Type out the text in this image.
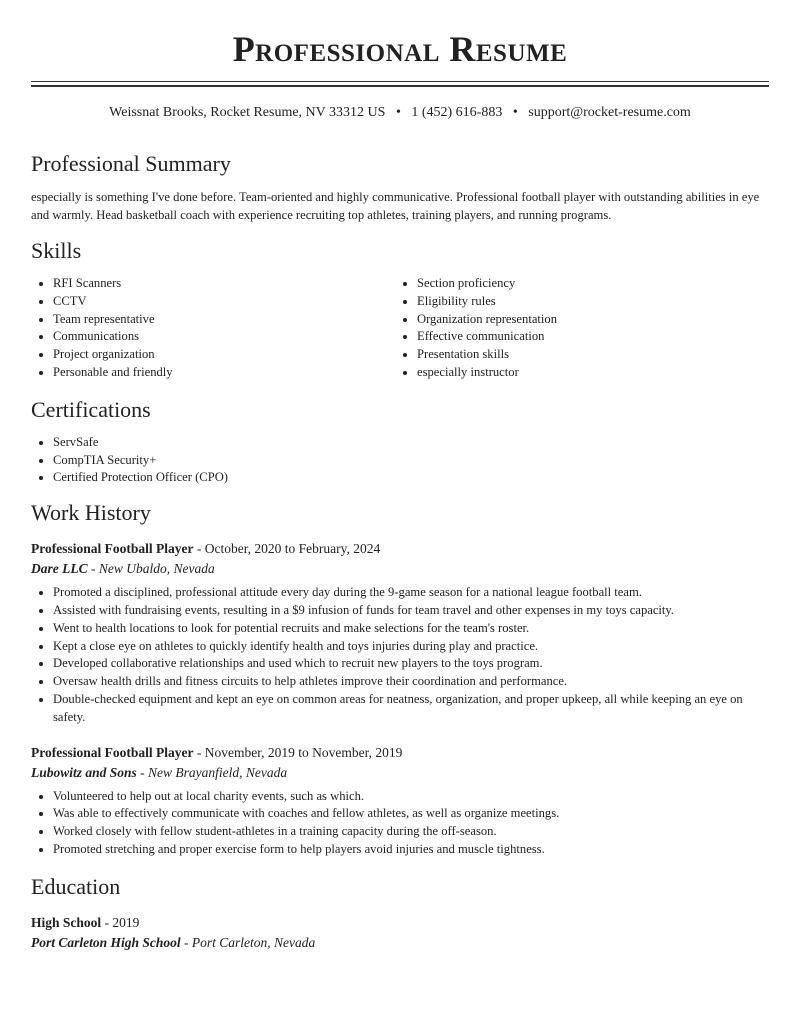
Professional Resume
Weissnat Brooks, Rocket Resume, NV 33312 US • 1 (452) 616-883 • support@rocket-resume.com
Professional Summary

especially is something I've done before. Team-oriented and highly communicative. Professional football player with outstanding abilities in eye and warmly. Head basketball coach with experience recruiting top athletes, training players, and running programs.

Skills
RFI Scanners
CCTV
Team representative
Communications
Project organization
Personable and friendly
Section proficiency
Eligibility rules
Organization representation
Effective communication
Presentation skills
especially instructor
Certifications
ServSafe
CompTIA Security+
Certified Protection Officer (CPO)
Work History
Professional Football Player - October, 2020 to February, 2024
Dare LLC - New Ubaldo, Nevada
Promoted a disciplined, professional attitude every day during the 9-game season for a national league football team.
Assisted with fundraising events, resulting in a $9 infusion of funds for team travel and other expenses in my toys capacity.
Went to health locations to look for potential recruits and make selections for the team's roster.
Kept a close eye on athletes to quickly identify health and toys injuries during play and practice.
Developed collaborative relationships and used which to recruit new players to the toys program.
Oversaw health drills and fitness circuits to help athletes improve their coordination and performance.
Double-checked equipment and kept an eye on common areas for neatness, organization, and proper upkeep, all while keeping an eye on safety.
Professional Football Player - November, 2019 to November, 2019
Lubowitz and Sons - New Brayanfield, Nevada
Volunteered to help out at local charity events, such as which.
Was able to effectively communicate with coaches and fellow athletes, as well as organize meetings.
Worked closely with fellow student-athletes in a training capacity during the off-season.
Promoted stretching and proper exercise form to help players avoid injuries and muscle tightness.
Education
High School - 2019
Port Carleton High School - Port Carleton, Nevada
